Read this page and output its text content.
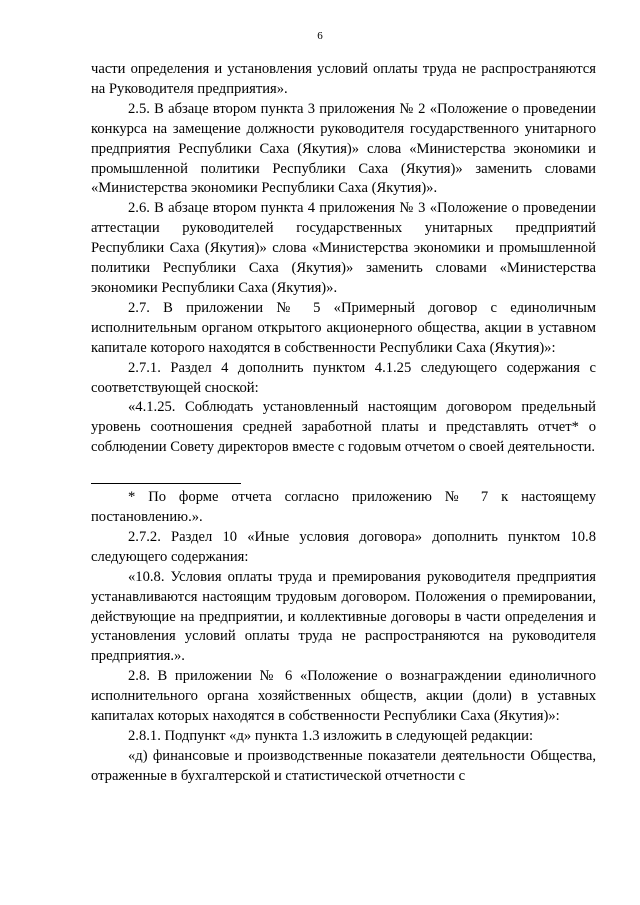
6

части определения и установления условий оплаты труда не распространяются на Руководителя предприятия».

2.5. В абзаце втором пункта 3 приложения № 2 «Положение о проведении конкурса на замещение должности руководителя государственного унитарного предприятия Республики Саха (Якутия)» слова «Министерства экономики и промышленной политики Республики Саха (Якутия)» заменить словами «Министерства экономики Республики Саха (Якутия)».

2.6. В абзаце втором пункта 4 приложения № 3 «Положение о проведении аттестации руководителей государственных унитарных предприятий Республики Саха (Якутия)» слова «Министерства экономики и промышленной политики Республики Саха (Якутия)» заменить словами «Министерства экономики Республики Саха (Якутия)».

2.7. В приложении № 5 «Примерный договор с единоличным исполнительным органом открытого акционерного общества, акции в уставном капитале которого находятся в собственности Республики Саха (Якутия)»:

2.7.1. Раздел 4 дополнить пунктом 4.1.25 следующего содержания с соответствующей сноской:

«4.1.25. Соблюдать установленный настоящим договором предельный уровень соотношения средней заработной платы и представлять отчет* о соблюдении Совету директоров вместе с годовым отчетом о своей деятельности.

* По форме отчета согласно приложению № 7 к настоящему постановлению.».

2.7.2. Раздел 10 «Иные условия договора» дополнить пунктом 10.8 следующего содержания:

«10.8. Условия оплаты труда и премирования руководителя предприятия устанавливаются настоящим трудовым договором. Положения о премировании, действующие на предприятии, и коллективные договоры в части определения и установления условий оплаты труда не распространяются на руководителя предприятия.».

2.8. В приложении № 6 «Положение о вознаграждении единоличного исполнительного органа хозяйственных обществ, акции (доли) в уставных капиталах которых находятся в собственности Республики Саха (Якутия)»:

2.8.1. Подпункт «д» пункта 1.3 изложить в следующей редакции:

«д) финансовые и производственные показатели деятельности Общества, отраженные в бухгалтерской и статистической отчетности с
